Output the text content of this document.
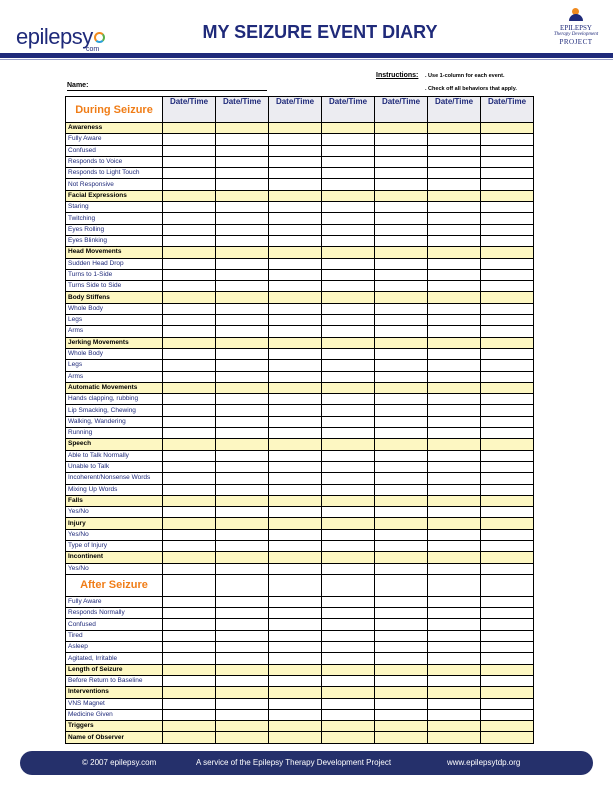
epilepsy
com
MY SEIZURE EVENT DIARY	EPILEPSY
Therapy Development
PROJECT
Instructions: . Use 1-column for each event.
. Check off all behaviors that apply.
Name:
During Seizure	Date/Time	Date/Time	Date/Time	Date/Time	Date/Time	Date/Time	Date/Time
Awareness							
Fully Aware							
Confused							
Responds to Voice							
Responds to Light Touch							
Not Responsive							
Facial Expressions							
Staring							
Twitching							
Eyes Rolling							
Eyes Blinking							
Head Movements							
Sudden Head Drop							
Turns to 1-Side							
Turns Side to Side							
Body Stiffens							
Whole Body							
Legs							
Arms							
Jerking Movements							
Whole Body							
Legs							
Arms							
Automatic Movements							
Hands clapping, rubbing							
Lip Smacking, Chewing							
Walking, Wandering							
Running							
Speech							
Able to Talk Normally							
Unable to Talk							
Incoherent/Nonsense Words							
Mixing Up Words							
Falls							
Yes/No							
Injury							
Yes/No							
Type of Injury							
Incontinent							
Yes/No							
After Seizure							
Fully Aware							
Responds Normally							
Confused							
Tired							
Asleep							
Agitated, Irritable							
Length of Seizure							
Before Return to Baseline							
Interventions							
VNS Magnet							
Medicine Given							
Triggers							
Name of Observer							
© 2007 epilepsy.com	A service of the Epilepsy Therapy Development Project	www.epilepsytdp.org
